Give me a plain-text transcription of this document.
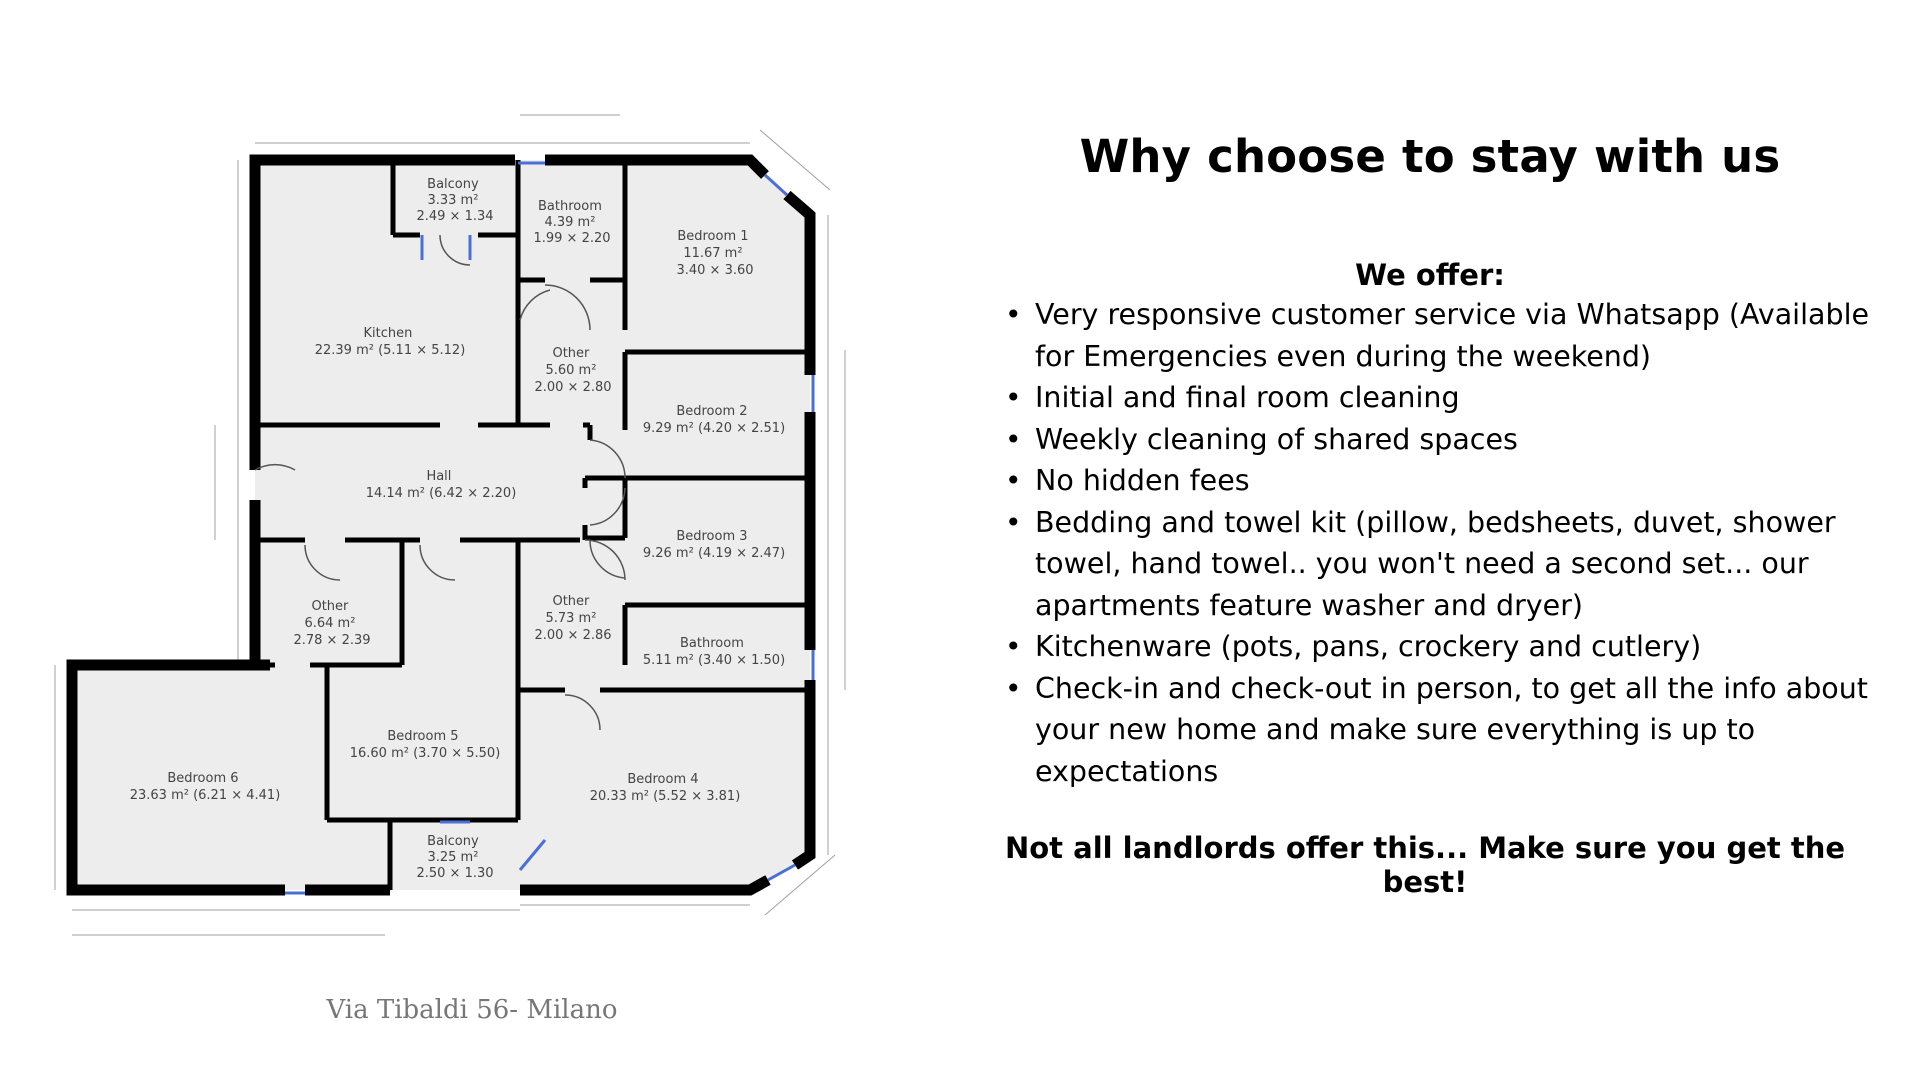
Balcony 3.33 m² 2.49 × 1.34
Bathroom 4.39 m² 1.99 × 2.20	Bedroom 1 11.67 m² 3.40 × 3.60
Kitchen 22.39 m² (5.11 × 5.12)	Other 5.60 m² 2.00 × 2.80
Bedroom 2 9.29 m² (4.20 × 2.51)
Hall 14.14 m² (6.42 × 2.20)
Bedroom 3 9.26 m² (4.19 × 2.47)
Other 6.64 m² 2.78 × 2.39
Other 5.73 m² 2.00 × 2.86
Bathroom 5.11 m² (3.40 × 1.50)
Bedroom 6 23.63 m² (6.21 × 4.41)
Bedroom 5 16.60 m² (3.70 × 5.50)
Bedroom 4 20.33 m² (5.52 × 3.81)
Balcony 3.25 m² 2.50 × 1.30
Via Tibaldi 56- Milano
Why choose to stay with us

We offer:

• Very responsive customer service via Whatsapp (Available for Emergencies even during the weekend)
• Initial and final room cleaning
• Weekly cleaning of shared spaces
• No hidden fees
• Bedding and towel kit (pillow, bedsheets, duvet, shower towel, hand towel.. you won't need a second set... our apartments feature washer and dryer)
• Kitchenware (pots, pans, crockery and cutlery)
• Check-in and check-out in person, to get all the info about your new home and make sure everything is up to expectations

Not all landlords offer this... Make sure you get the best!
